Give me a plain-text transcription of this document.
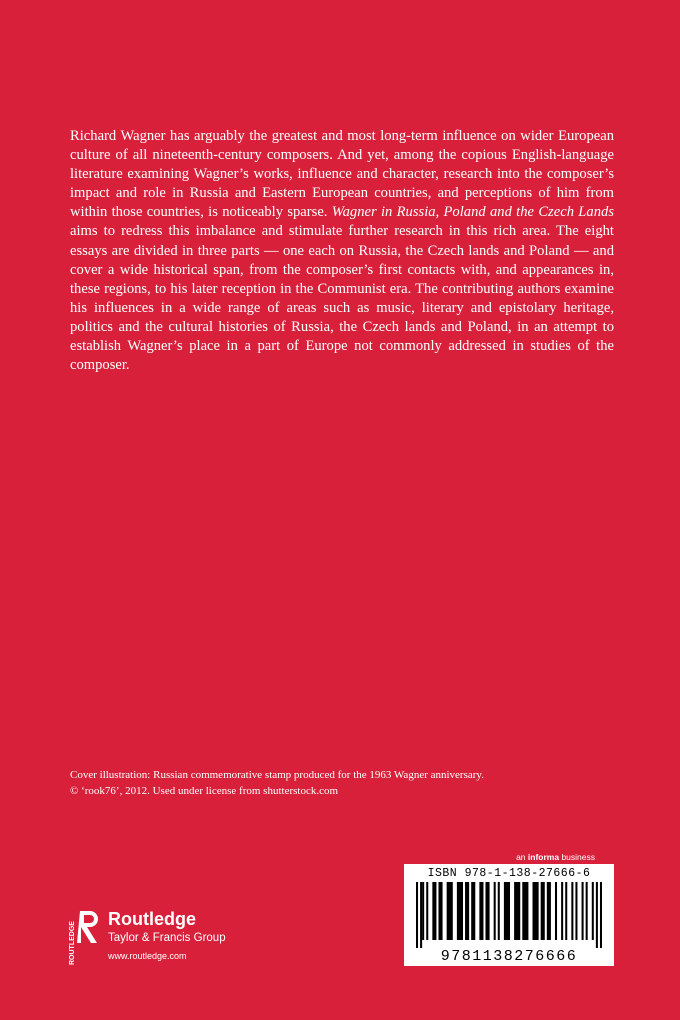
Richard Wagner has arguably the greatest and most long-term influence on wider European culture of all nineteenth-century composers. And yet, among the copious English-language literature examining Wagner’s works, influence and character, research into the composer’s impact and role in Russia and Eastern European countries, and perceptions of him from within those countries, is noticeably sparse. Wagner in Russia, Poland and the Czech Lands aims to redress this imbalance and stimulate further research in this rich area. The eight essays are divided in three parts — one each on Russia, the Czech lands and Poland — and cover a wide historical span, from the composer’s first contacts with, and appearances in, these regions, to his later reception in the Communist era. The contributing authors examine his influences in a wide range of areas such as music, literary and epistolary heritage, politics and the cultural histories of Russia, the Czech lands and Poland, in an attempt to establish Wagner’s place in a part of Europe not commonly addressed in studies of the composer.
Cover illustration: Russian commemorative stamp produced for the 1963 Wagner anniversary.
© ‘rook76’, 2012. Used under license from shutterstock.com
an informa business
ISBN 978-1-138-27666-6
9781138276666
ROUTLEDGE
Routledge
Taylor & Francis Group
www.routledge.com
